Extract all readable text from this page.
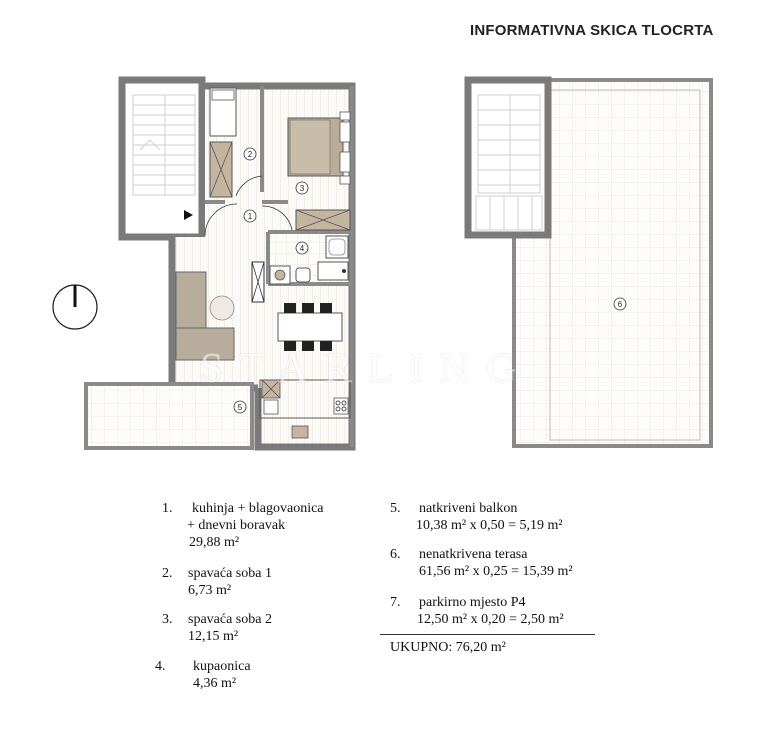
INFORMATIVNA SKICA TLOCRTA
2
3
1
4
5
6
STARLING
1. kuhinja + blagovaonica
+ dnevni boravak
29,88 m²
2. spavaća soba 1
6,73 m²
3. spavaća soba 2
12,15 m²
4. kupaonica
4,36 m²
5. natkriveni balkon
10,38 m² x 0,50 = 5,19 m²
6. nenatkrivena terasa
61,56 m² x 0,25 = 15,39 m²
7. parkirno mjesto P4
12,50 m² x 0,20 = 2,50 m²
UKUPNO: 76,20 m²
